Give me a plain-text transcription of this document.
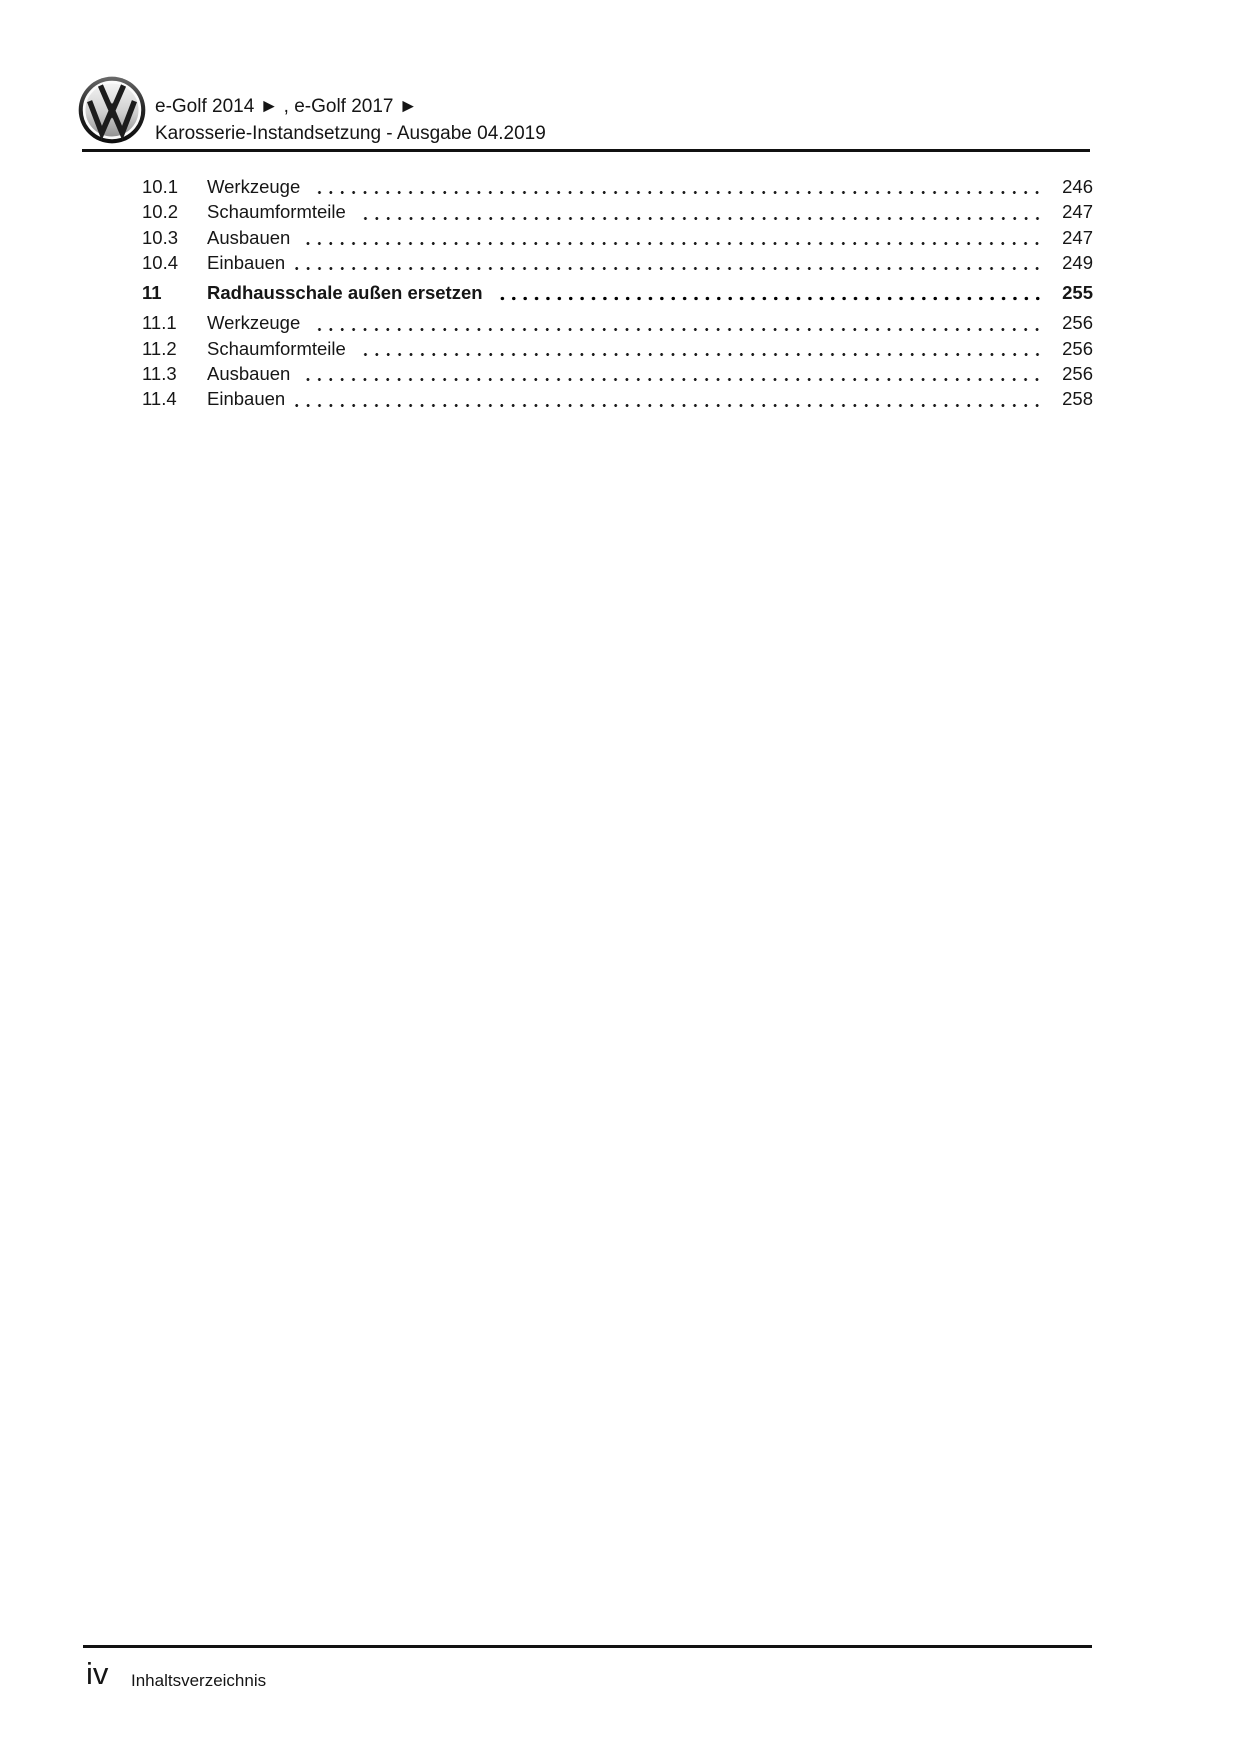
e-Golf 2014 ► , e-Golf 2017 ►
Karosserie-Instandsetzung - Ausgabe 04.2019
10.1	Werkzeuge	246
10.2	Schaumformteile	247
10.3	Ausbauen	247
10.4	Einbauen	249
11	Radhausschale außen ersetzen	255
11.1	Werkzeuge	256
11.2	Schaumformteile	256
11.3	Ausbauen	256
11.4	Einbauen	258
iv Inhaltsverzeichnis
